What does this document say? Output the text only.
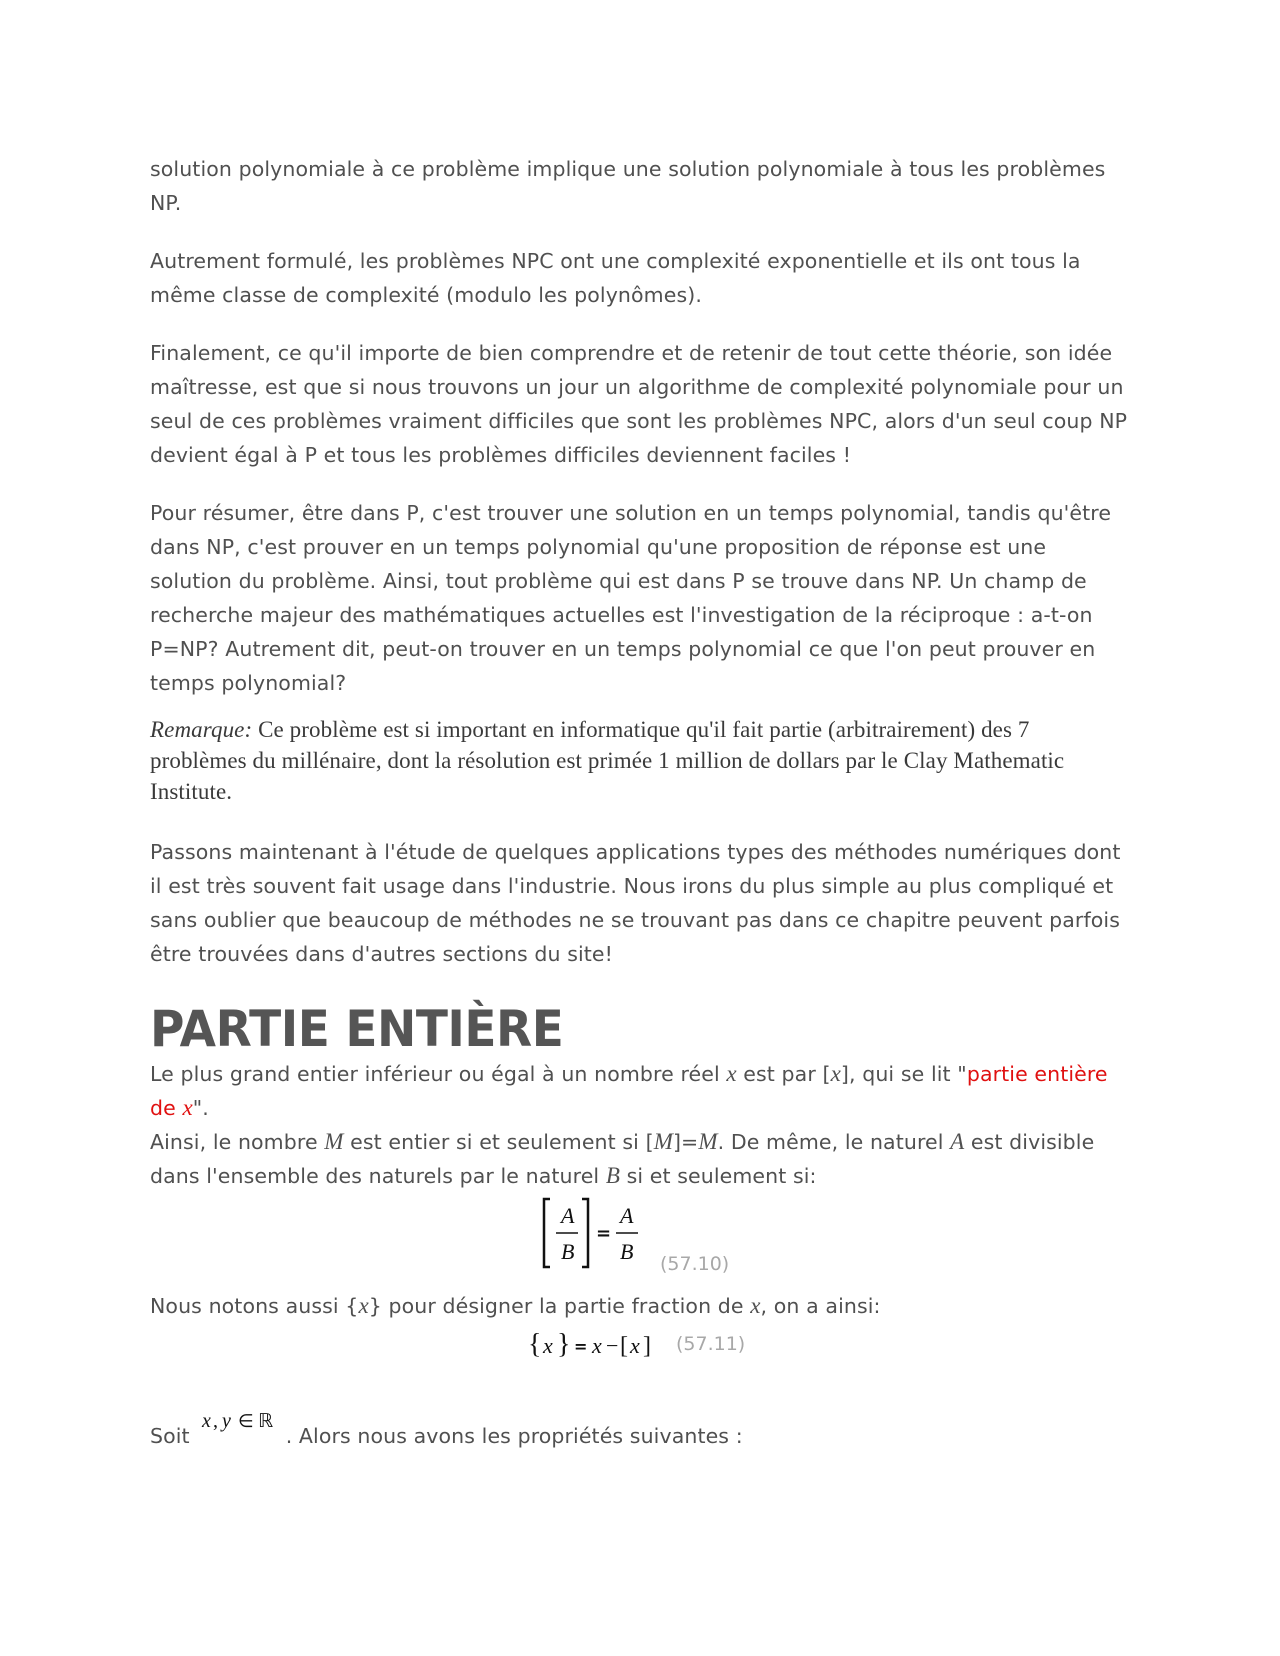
solution polynomiale à ce problème implique une solution polynomiale à tous les problèmes NP.

Autrement formulé, les problèmes NPC ont une complexité exponentielle et ils ont tous la même classe de complexité (modulo les polynômes).

Finalement, ce qu'il importe de bien comprendre et de retenir de tout cette théorie, son idée maîtresse, est que si nous trouvons un jour un algorithme de complexité polynomiale pour un seul de ces problèmes vraiment difficiles que sont les problèmes NPC, alors d'un seul coup NP devient égal à P et tous les problèmes difficiles deviennent faciles !

Pour résumer, être dans P, c'est trouver une solution en un temps polynomial, tandis qu'être dans NP, c'est prouver en un temps polynomial qu'une proposition de réponse est une solution du problème. Ainsi, tout problème qui est dans P se trouve dans NP. Un champ de recherche majeur des mathématiques actuelles est l'investigation de la réciproque : a-t-on P=NP? Autrement dit, peut-on trouver en un temps polynomial ce que l'on peut prouver en temps polynomial?

Remarque: Ce problème est si important en informatique qu'il fait partie (arbitrairement) des 7 problèmes du millénaire, dont la résolution est primée 1 million de dollars par le Clay Mathematic Institute.

Passons maintenant à l'étude de quelques applications types des méthodes numériques dont il est très souvent fait usage dans l'industrie. Nous irons du plus simple au plus compliqué et sans oublier que beaucoup de méthodes ne se trouvant pas dans ce chapitre peuvent parfois être trouvées dans d'autres sections du site!

PARTIE ENTIÈRE

Le plus grand entier inférieur ou égal à un nombre réel x est par [x], qui se lit "partie entière de x".

Ainsi, le nombre M est entier si et seulement si [M]=M. De même, le naturel A est divisible dans l'ensemble des naturels par le naturel B si et seulement si:

A
B
=
A
B (57.10)

Nous notons aussi {x} pour désigner la partie fraction de x, on a ainsi:

{ x } = x − [ x ] (57.11)

Soit
x , y ∈ ℝ
. Alors nous avons les propriétés suivantes :
